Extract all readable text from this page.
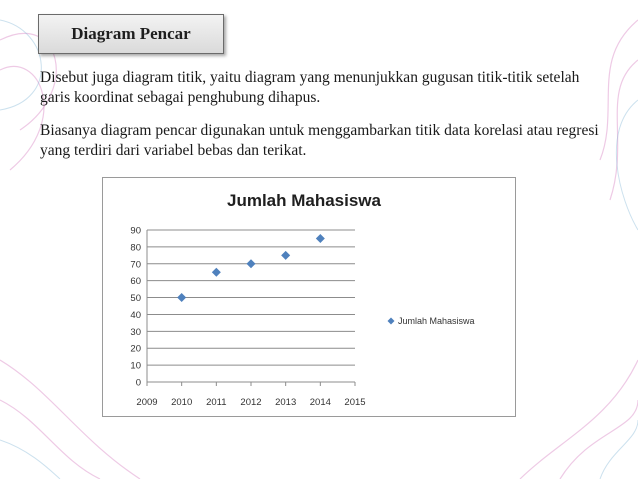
Diagram Pencar

Disebut juga diagram titik, yaitu diagram yang menunjukkan gugusan titik-titik setelah garis koordinat sebagai penghubung dihapus.

Biasanya diagram pencar digunakan untuk menggambarkan titik data korelasi atau regresi yang terdiri dari variabel bebas dan terikat.

Jumlah Mahasiswa
0
10
20
30
40
50
60
70
80
90
2009 2010 2011 2012 2013 2014 2015
Jumlah Mahasiswa
